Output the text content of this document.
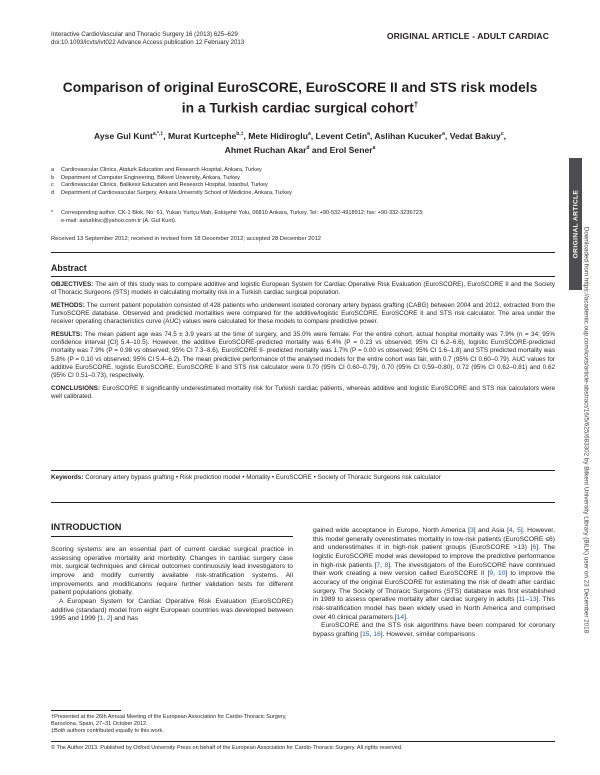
Interactive CardioVascular and Thoracic Surgery 16 (2013) 625–629
doi:10.1093/icvts/ivt022 Advance Access publication 12 February 2013
ORIGINAL ARTICLE - ADULT CARDIAC
Comparison of original EuroSCORE, EuroSCORE II and STS risk models
in a Turkish cardiac surgical cohort†
Ayse Gul Kunt$^{a,*,\ddagger}$, Murat Kurtcephe$^{b,\ddagger}$, Mete Hidiroglu$^a$, Levent Cetin$^a$, Aslihan Kucuker$^a$, Vedat Bakuy$^c$,
Ahmet Ruchan Akar$^d$ and Erol Sener$^a$
a Cardiovascular Clinics, Ataturk Education and Research Hospital, Ankara, Turkey
b Department of Computer Engineering, Bilkent University, Ankara, Turkey
c Cardiovascular Clinics, Balikesir Education and Research Hospital, Istanbul, Turkey
d Department of Cardiovascular Surgery, Ankara University School of Medicine, Ankara, Turkey
* Corresponding author. CK-1 Blok, No: 61, Yukarı Yurtçu Mah, Eskişehir Yolu, 06810 Ankara, Turkey. Tel: +90-532-4918912; fax: +90-332-3236723;
e-mail: asturkkvc@yahoo.com.tr (A. Gul Kunt).
Received 13 September 2012; received in revised form 18 December 2012; accepted 28 December 2012
Abstract

OBJECTIVES: The aim of this study was to compare additive and logistic European System for Cardiac Operative Risk Evaluation (EuroSCORE), EuroSCORE II and the Society of Thoracic Surgeons (STS) models in calculating mortality risk in a Turkish cardiac surgical population.

METHODS: The current patient population consisted of 428 patients who underwent isolated coronary artery bypass grafting (CABG) between 2004 and 2012, extracted from the TurkoSCORE database. Observed and predicted mortalities were compared for the additive/logistic EuroSCORE, EuroSCORE II and STS risk calculator. The area under the receiver operating characteristics curve (AUC) values were calculated for these models to compare predictive power.

RESULTS: The mean patient age was 74.5 ± 3.9 years at the time of surgery, and 35.0% were female. For the entire cohort, actual hospital mortality was 7.9% (n = 34; 95% confidence interval [CI] 5.4–10.5). However, the additive EuroSCORE-predicted mortality was 6.4% (P = 0.23 vs observed; 95% CI 6.2–6.6), logistic EuroSCORE-predicted mortality was 7.9% (P = 0.98 vs observed; 95% CI 7.3–8.6), EuroSCORE II- predicted mortality was 1.7% (P = 0.00 vs observed; 95% CI 1.6–1.8) and STS predicted mortality was 5.8% (P = 0.10 vs observed; 95% CI 5.4–6.2). The mean predictive performance of the analysed models for the entire cohort was fair, with 0.7 (95% CI 0.60–0.79). AUC values for additive EuroSCORE, logistic EuroSCORE, EuroSCORE II and STS risk calculator were 0.70 (95% CI 0.60–0.79), 0.70 (95% CI 0.59–0.80), 0.72 (95% CI 0.62–0.81) and 0.62 (95% CI 0.51–0.73), respectively.

CONCLUSIONS: EuroSCORE II significantly underestimated mortality risk for Turkish cardiac patients, whereas additive and logistic EuroSCORE and STS risk calculators were well calibrated.

Keywords: Coronary artery bypass grafting • Risk prediction model • Mortality • EuroSCORE • Society of Thoracic Surgeons risk calculator
INTRODUCTION

Scoring systems are an essential part of current cardiac surgical practice in assessing operative mortality and morbidity. Changes in cardiac surgery case mix, surgical techniques and clinical outcomes continuously lead investigators to improve and modify currently available risk-stratification systems. All improvements and modifications require further validation tests for different patient populations globally.

A European System for Cardiac Operative Risk Evaluation (EuroSCORE) additive (standard) model from eight European countries was developed between 1995 and 1999 [1, 2] and has

†Presented at the 26th Annual Meeting of the European Association for Cardio-Thoracic Surgery, Barcelona, Spain, 27–31 October 2012.
‡Both authors contributed equally to this work.

gained wide acceptance in Europe, North America [3] and Asia [4, 5]. However, this model generally overestimates mortality in low-risk patients (EuroSCORE ≤6) and underestimates it in high-risk patient groups (EuroSCORE >13) [6]. The logistic EuroSCORE model was developed to improve the predictive performance in high-risk patients [7, 8]. The investigators of the EuroSCORE have continued their work creating a new version called EuroSCORE II [9, 10] to improve the accuracy of the original EuroSCORE for estimating the risk of death after cardiac surgery. The Society of Thoracic Surgeons (STS) database was first established in 1989 to assess operative mortality after cardiac surgery in adults [11–13]. This risk-stratification model has been widely used in North America and comprised over 40 clinical parameters [14].

EuroSCORE and the STS risk algorithms have been compared for coronary bypass grafting [15, 16]. However, similar comparisons

© The Author 2013. Published by Oxford University Press on behalf of the European Association for Cardio-Thoracic Surgery. All rights reserved.
ORIGINAL ARTICLE
Downloaded from https://academic.oup.com/icvts/article-abstract/16/5/625/683302 by Bilkent University Library (BILK) user on 23 December 2018
